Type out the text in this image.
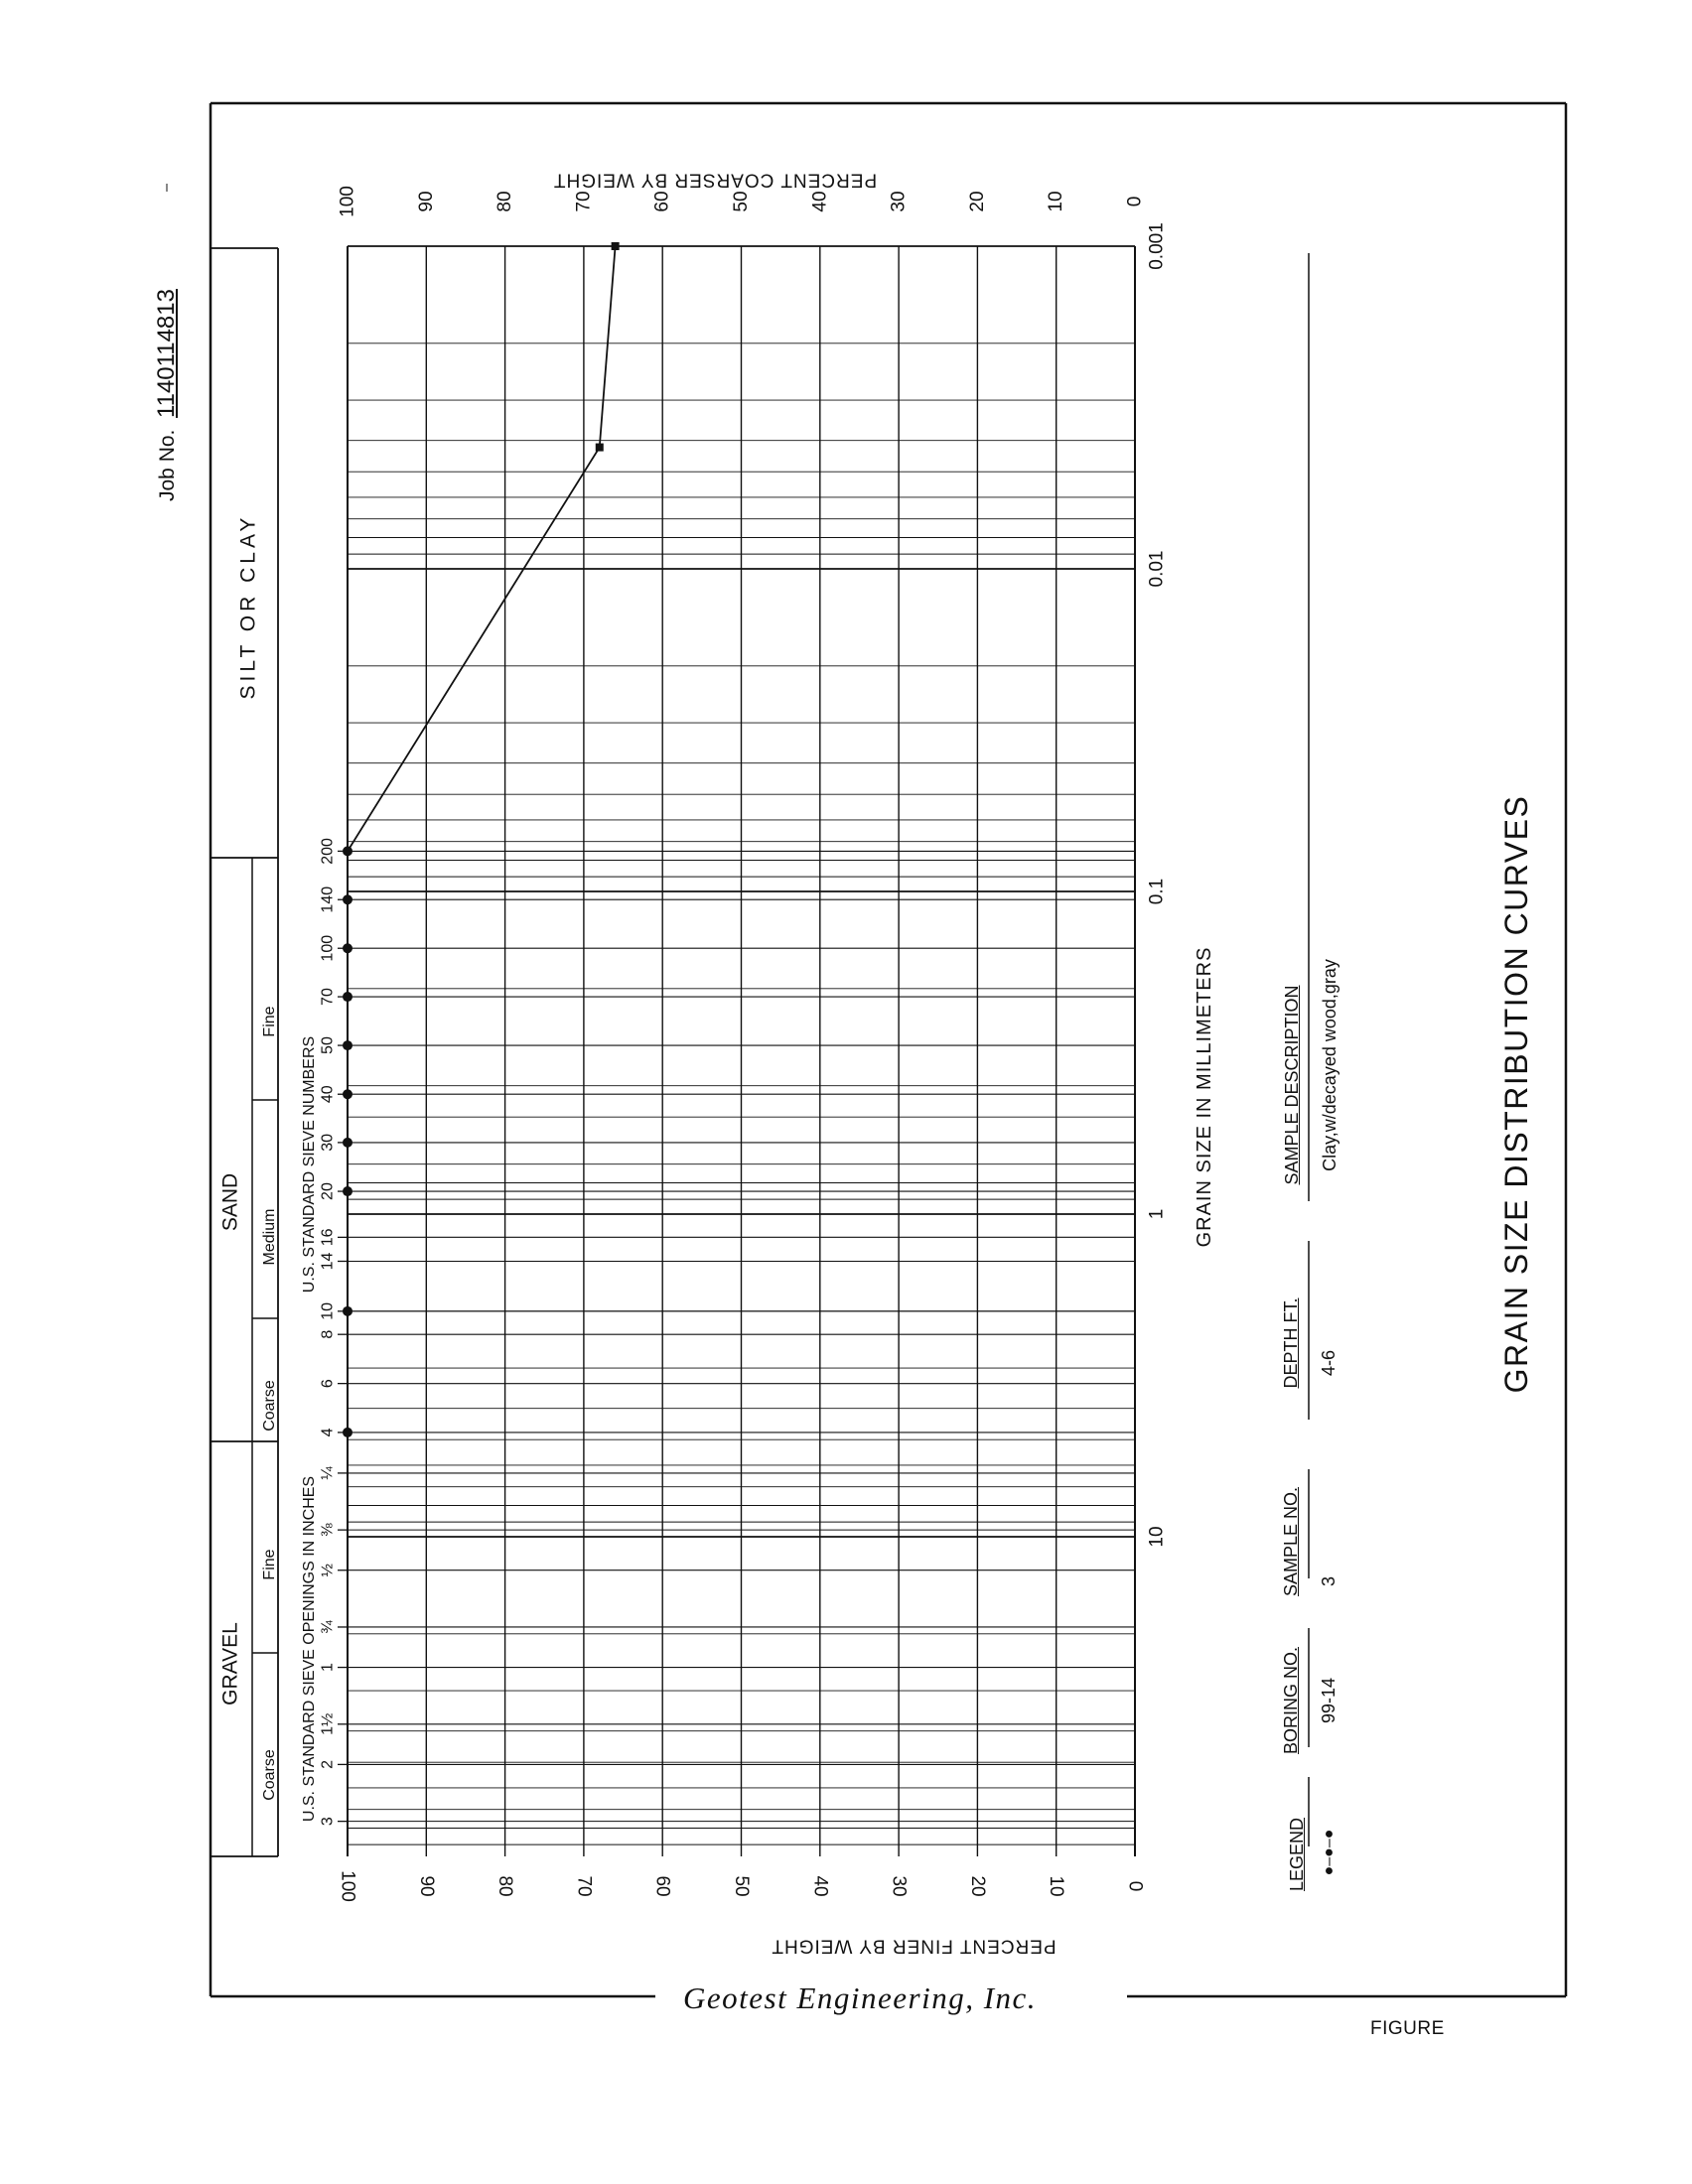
3
2
1½
1
¾
½
⅜
¼
4
6
8
10
14
16
20
30
40
50
70
100
140
200
0
10
20
30
40
50
60
70
80
90
100
100	90	80	70	60	50	40	30	20	10	0
0.001
0.01
0.1
1
10
Job No.  1140114813
GRAVEL
SAND
SILT OR CLAY
Coarse
Fine
Coarse
Medium
Fine
U.S. STANDARD SIEVE OPENINGS IN INCHES
U.S. STANDARD SIEVE NUMBERS
PERCENT FINER BY WEIGHT
PERCENT COARSER BY WEIGHT
GRAIN SIZE IN MILLIMETERS	GRAIN SIZE DISTRIBUTION CURVES
LEGEND ●–●–●
BORING NO. 99-14
SAMPLE NO. 3
DEPTH FT. 4-6
SAMPLE DESCRIPTION Clay,w/decayed wood,gray
Geotest Engineering, Inc.
FIGURE
